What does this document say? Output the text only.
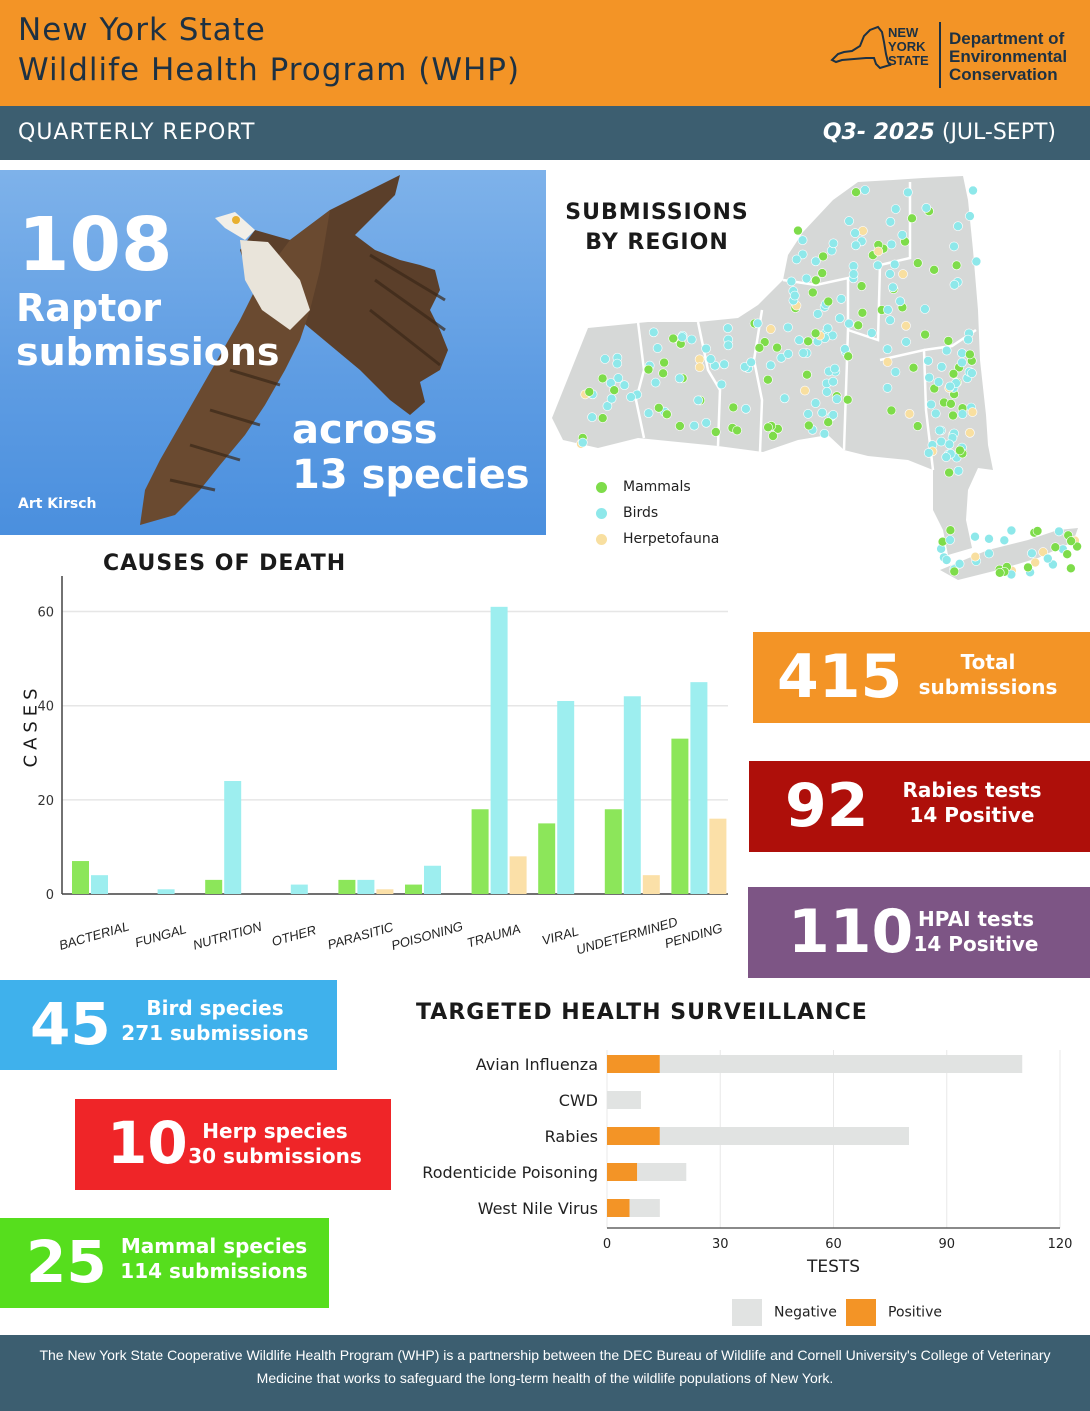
New York State
Wildlife Health Program (WHP)
NEW
YORK
STATE
Department of
Environmental
Conservation
QUARTERLY REPORT	Q3- 2025 (JUL-SEPT)
108
Raptor
submissions
across
13 species
Art Kirsch
SUBMISSIONS
BY REGION
Mammals
Birds
Herpetofauna
CAUSES OF DEATH
CASES
0
20
40
60
BACTERIAL FUNGAL NUTRITION OTHER PARASITIC
POISONING TRAUMA VIRAL
UNDETERMINED
PENDING
415	Total
submissions
92 Rabies tests
14 Positive
110 HPAI tests
14 Positive
45	Bird species
271 submissions
10 Herp species
30 submissions
25 Mammal species
114 submissions
TARGETED HEALTH SURVEILLANCE
0	30	60	90	120
TESTS
Avian Influenza
CWD
Rabies
Rodenticide Poisoning
West Nile Virus
Negative	Positive
The New York State Cooperative Wildlife Health Program (WHP) is a partnership between the DEC Bureau of Wildlife and Cornell University's College of Veterinary
Medicine that works to safeguard the long-term health of the wildlife populations of New York.
